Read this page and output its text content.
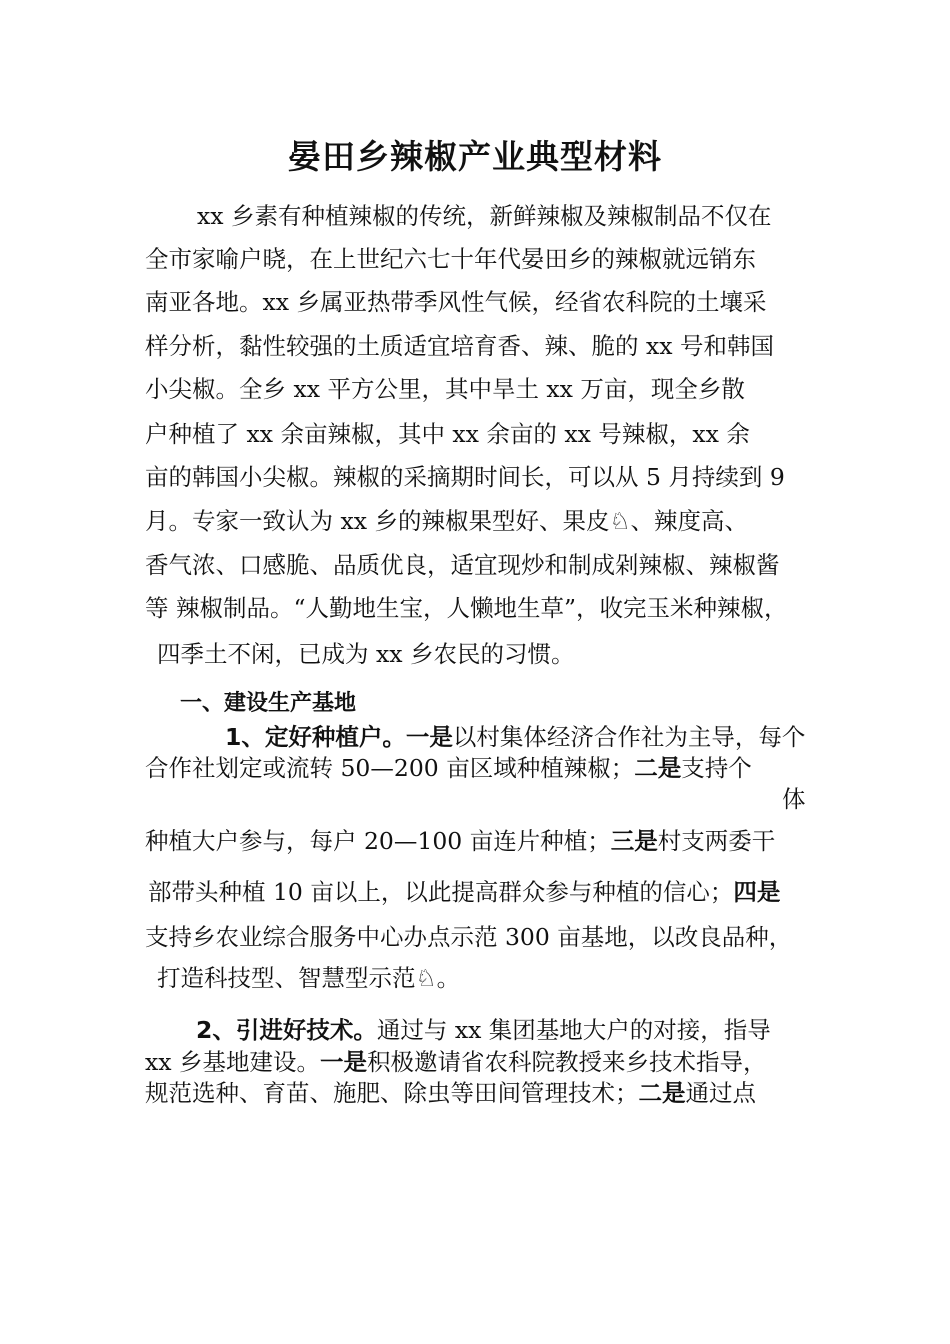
晏田乡辣椒产业典型材料

xx 乡素有种植辣椒的传统，新鲜辣椒及辣椒制品不仅在

全市家喻户晓，在上世纪六七十年代晏田乡的辣椒就远销东

南亚各地。xx 乡属亚热带季风性气候，经省农科院的土壤采

样分析，黏性较强的土质适宜培育香、辣、脆的 xx 号和韩国

小尖椒。全乡 xx 平方公里，其中旱土 xx 万亩，现全乡散

户种植了 xx 余亩辣椒，其中 xx 余亩的 xx 号辣椒，xx 余

亩的韩国小尖椒。辣椒的采摘期时间长，可以从 5 月持续到 9

月。专家一致认为 xx 乡的辣椒果型好、果皮♘、辣度高、

香气浓、口感脆、品质优良，适宜现炒和制成剁辣椒、辣椒酱

等 辣椒制品。“人勤地生宝，人懒地生草”，收完玉米种辣椒，

四季土不闲，已成为 xx 乡农民的习惯。

一、建设生产基地

1、定好种植户。一是以村集体经济合作社为主导，每个

合作社划定或流转 50—200 亩区域种植辣椒；二是支持个

体

种植大户参与，每户 20—100 亩连片种植；三是村支两委干

部带头种植 10 亩以上，以此提高群众参与种植的信心；四是

支持乡农业综合服务中心办点示范 300 亩基地，以改良品种，

打造科技型、智慧型示范♘。

2、引进好技术。通过与 xx 集团基地大户的对接，指导

xx 乡基地建设。一是积极邀请省农科院教授来乡技术指导，

规范选种、育苗、施肥、除虫等田间管理技术；二是通过点
